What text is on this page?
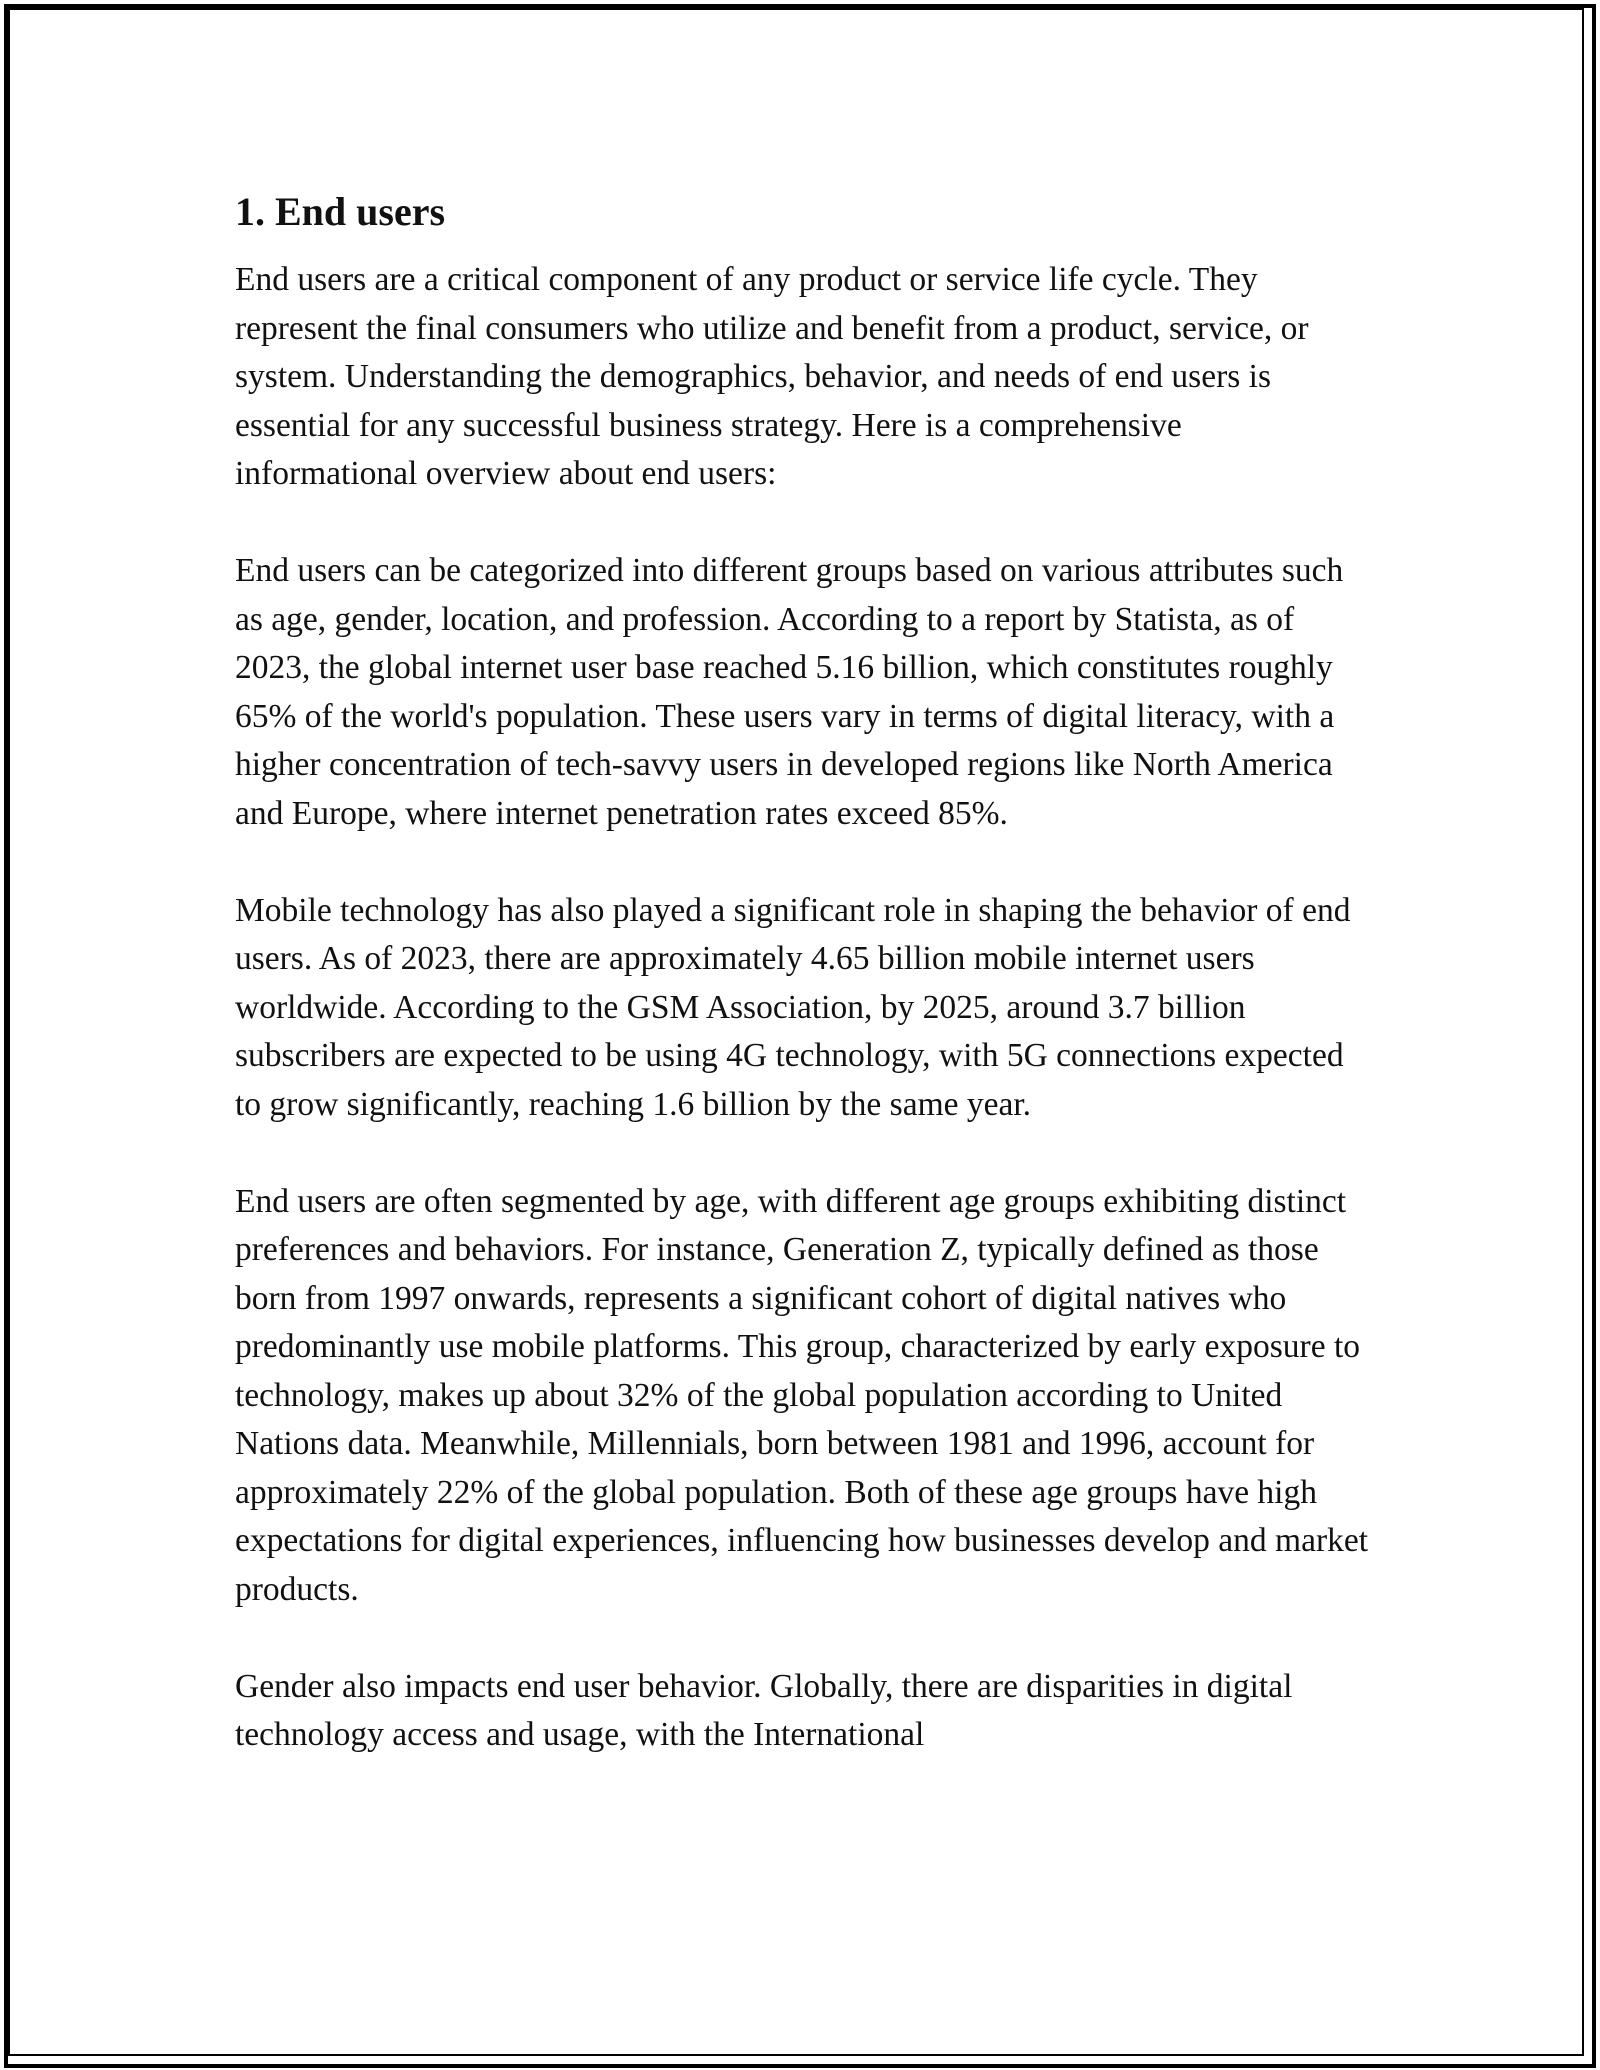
1. End users

End users are a critical component of any product or service life cycle. They represent the final consumers who utilize and benefit from a product, service, or system. Understanding the demographics, behavior, and needs of end users is essential for any successful business strategy. Here is a comprehensive informational overview about end users:

End users can be categorized into different groups based on various attributes such as age, gender, location, and profession. According to a report by Statista, as of 2023, the global internet user base reached 5.16 billion, which constitutes roughly 65% of the world's population. These users vary in terms of digital literacy, with a higher concentration of tech-savvy users in developed regions like North America and Europe, where internet penetration rates exceed 85%.

Mobile technology has also played a significant role in shaping the behavior of end users. As of 2023, there are approximately 4.65 billion mobile internet users worldwide. According to the GSM Association, by 2025, around 3.7 billion subscribers are expected to be using 4G technology, with 5G connections expected to grow significantly, reaching 1.6 billion by the same year.

End users are often segmented by age, with different age groups exhibiting distinct preferences and behaviors. For instance, Generation Z, typically defined as those born from 1997 onwards, represents a significant cohort of digital natives who predominantly use mobile platforms. This group, characterized by early exposure to technology, makes up about 32% of the global population according to United Nations data. Meanwhile, Millennials, born between 1981 and 1996, account for approximately 22% of the global population. Both of these age groups have high expectations for digital experiences, influencing how businesses develop and market products.

Gender also impacts end user behavior. Globally, there are disparities in digital technology access and usage, with the International
